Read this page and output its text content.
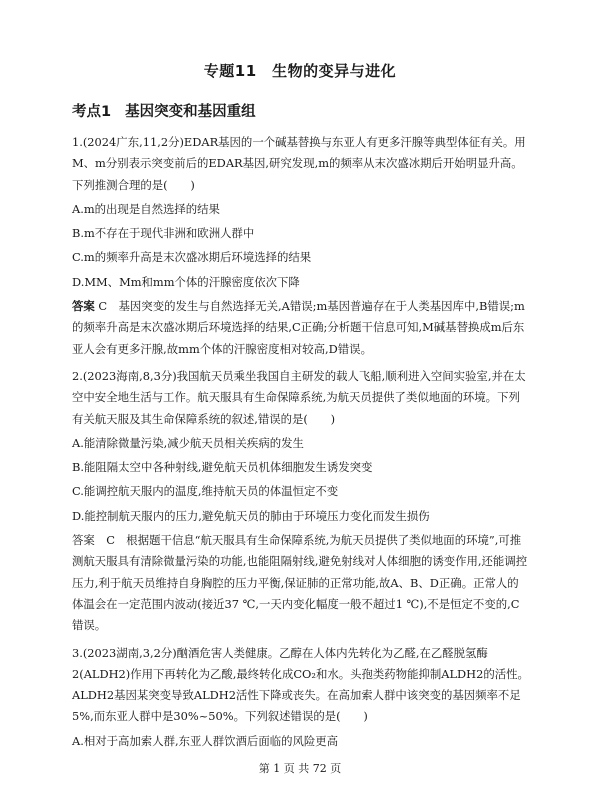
专题11　生物的变异与进化
考点1 基因突变和基因重组

1.(2024广东,11,2分)EDAR基因的一个碱基替换与东亚人有更多汗腺等典型体征有关。用M、m分别表示突变前后的EDAR基因,研究发现,m的频率从末次盛冰期后开始明显升高。下列推测合理的是(　　)

A.m的出现是自然选择的结果

B.m不存在于现代非洲和欧洲人群中

C.m的频率升高是末次盛冰期后环境选择的结果

D.MM、Mm和mm个体的汗腺密度依次下降

答案 C　基因突变的发生与自然选择无关,A错误;m基因普遍存在于人类基因库中,B错误;m的频率升高是末次盛冰期后环境选择的结果,C正确;分析题干信息可知,M碱基替换成m后东亚人会有更多汗腺,故mm个体的汗腺密度相对较高,D错误。

2.(2023海南,8,3分)我国航天员乘坐我国自主研发的载人飞船,顺利进入空间实验室,并在太空中安全地生活与工作。航天服具有生命保障系统,为航天员提供了类似地面的环境。下列有关航天服及其生命保障系统的叙述,错误的是(　　)

A.能清除微量污染,减少航天员相关疾病的发生

B.能阻隔太空中各种射线,避免航天员机体细胞发生诱发突变

C.能调控航天服内的温度,维持航天员的体温恒定不变

D.能控制航天服内的压力,避免航天员的肺由于环境压力变化而发生损伤

答案　 C　根据题干信息“航天服具有生命保障系统,为航天员提供了类似地面的环境”,可推测航天服具有清除微量污染的功能,也能阻隔射线,避免射线对人体细胞的诱变作用,还能调控压力,利于航天员维持自身胸腔的压力平衡,保证肺的正常功能,故A、B、D正确。正常人的体温会在一定范围内波动(接近37 ℃,一天内变化幅度一般不超过1 ℃),不是恒定不变的,C错误。

3.(2023湖南,3,2分)酗酒危害人类健康。乙醇在人体内先转化为乙醛,在乙醛脱氢酶2(ALDH2)作用下再转化为乙酸,最终转化成CO₂和水。头孢类药物能抑制ALDH2的活性。ALDH2基因某突变导致ALDH2活性下降或丧失。在高加索人群中该突变的基因频率不足5%,而东亚人群中是30%~50%。下列叙述错误的是(　　)

A.相对于高加索人群,东亚人群饮酒后面临的风险更高

第 1 页 共 72 页
